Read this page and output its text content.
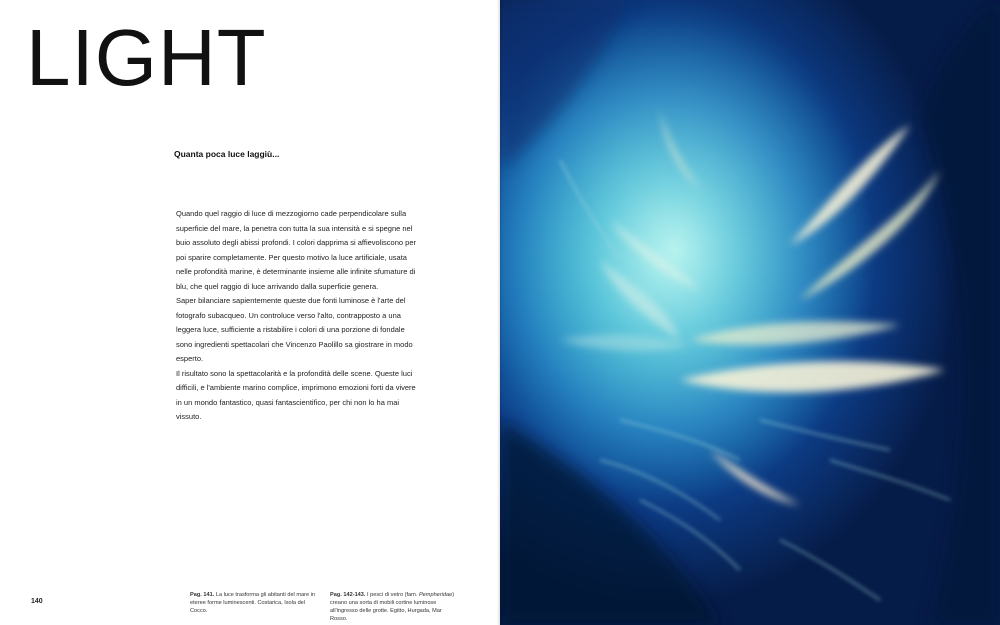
LIGHT
Quanta poca luce laggiù...

Quando quel raggio di luce di mezzogiorno cade perpendicolare sulla superficie del mare, la penetra con tutta la sua intensità e si spegne nel buio assoluto degli abissi profondi. I colori dapprima si affievoliscono per poi sparire completamente. Per questo motivo la luce artificiale, usata nelle profondità marine, è determinante insieme alle infinite sfumature di blu, che quel raggio di luce arrivando dalla superficie genera.

Saper bilanciare sapientemente queste due fonti luminose è l'arte del fotografo subacqueo. Un controluce verso l'alto, contrapposto a una leggera luce, sufficiente a ristabilire i colori di una porzione di fondale sono ingredienti spettacolari che Vincenzo Paolillo sa giostrare in modo esperto.

Il risultato sono la spettacolarità e la profondità delle scene. Queste luci difficili, e l'ambiente marino complice, imprimono emozioni forti da vivere in un mondo fantastico, quasi fantascientifico, per chi non lo ha mai vissuto.

140
Pag. 141. La luce trasforma gli abitanti del mare in eteree forme luminescenti. Costarica, Isola del Cocco.
Pag. 142-143. I pesci di vetro (fam. Pempheridae) creano una sorta di mobili cortine luminose all'ingresso delle grotte. Egitto, Hurgada, Mar Rosso.
